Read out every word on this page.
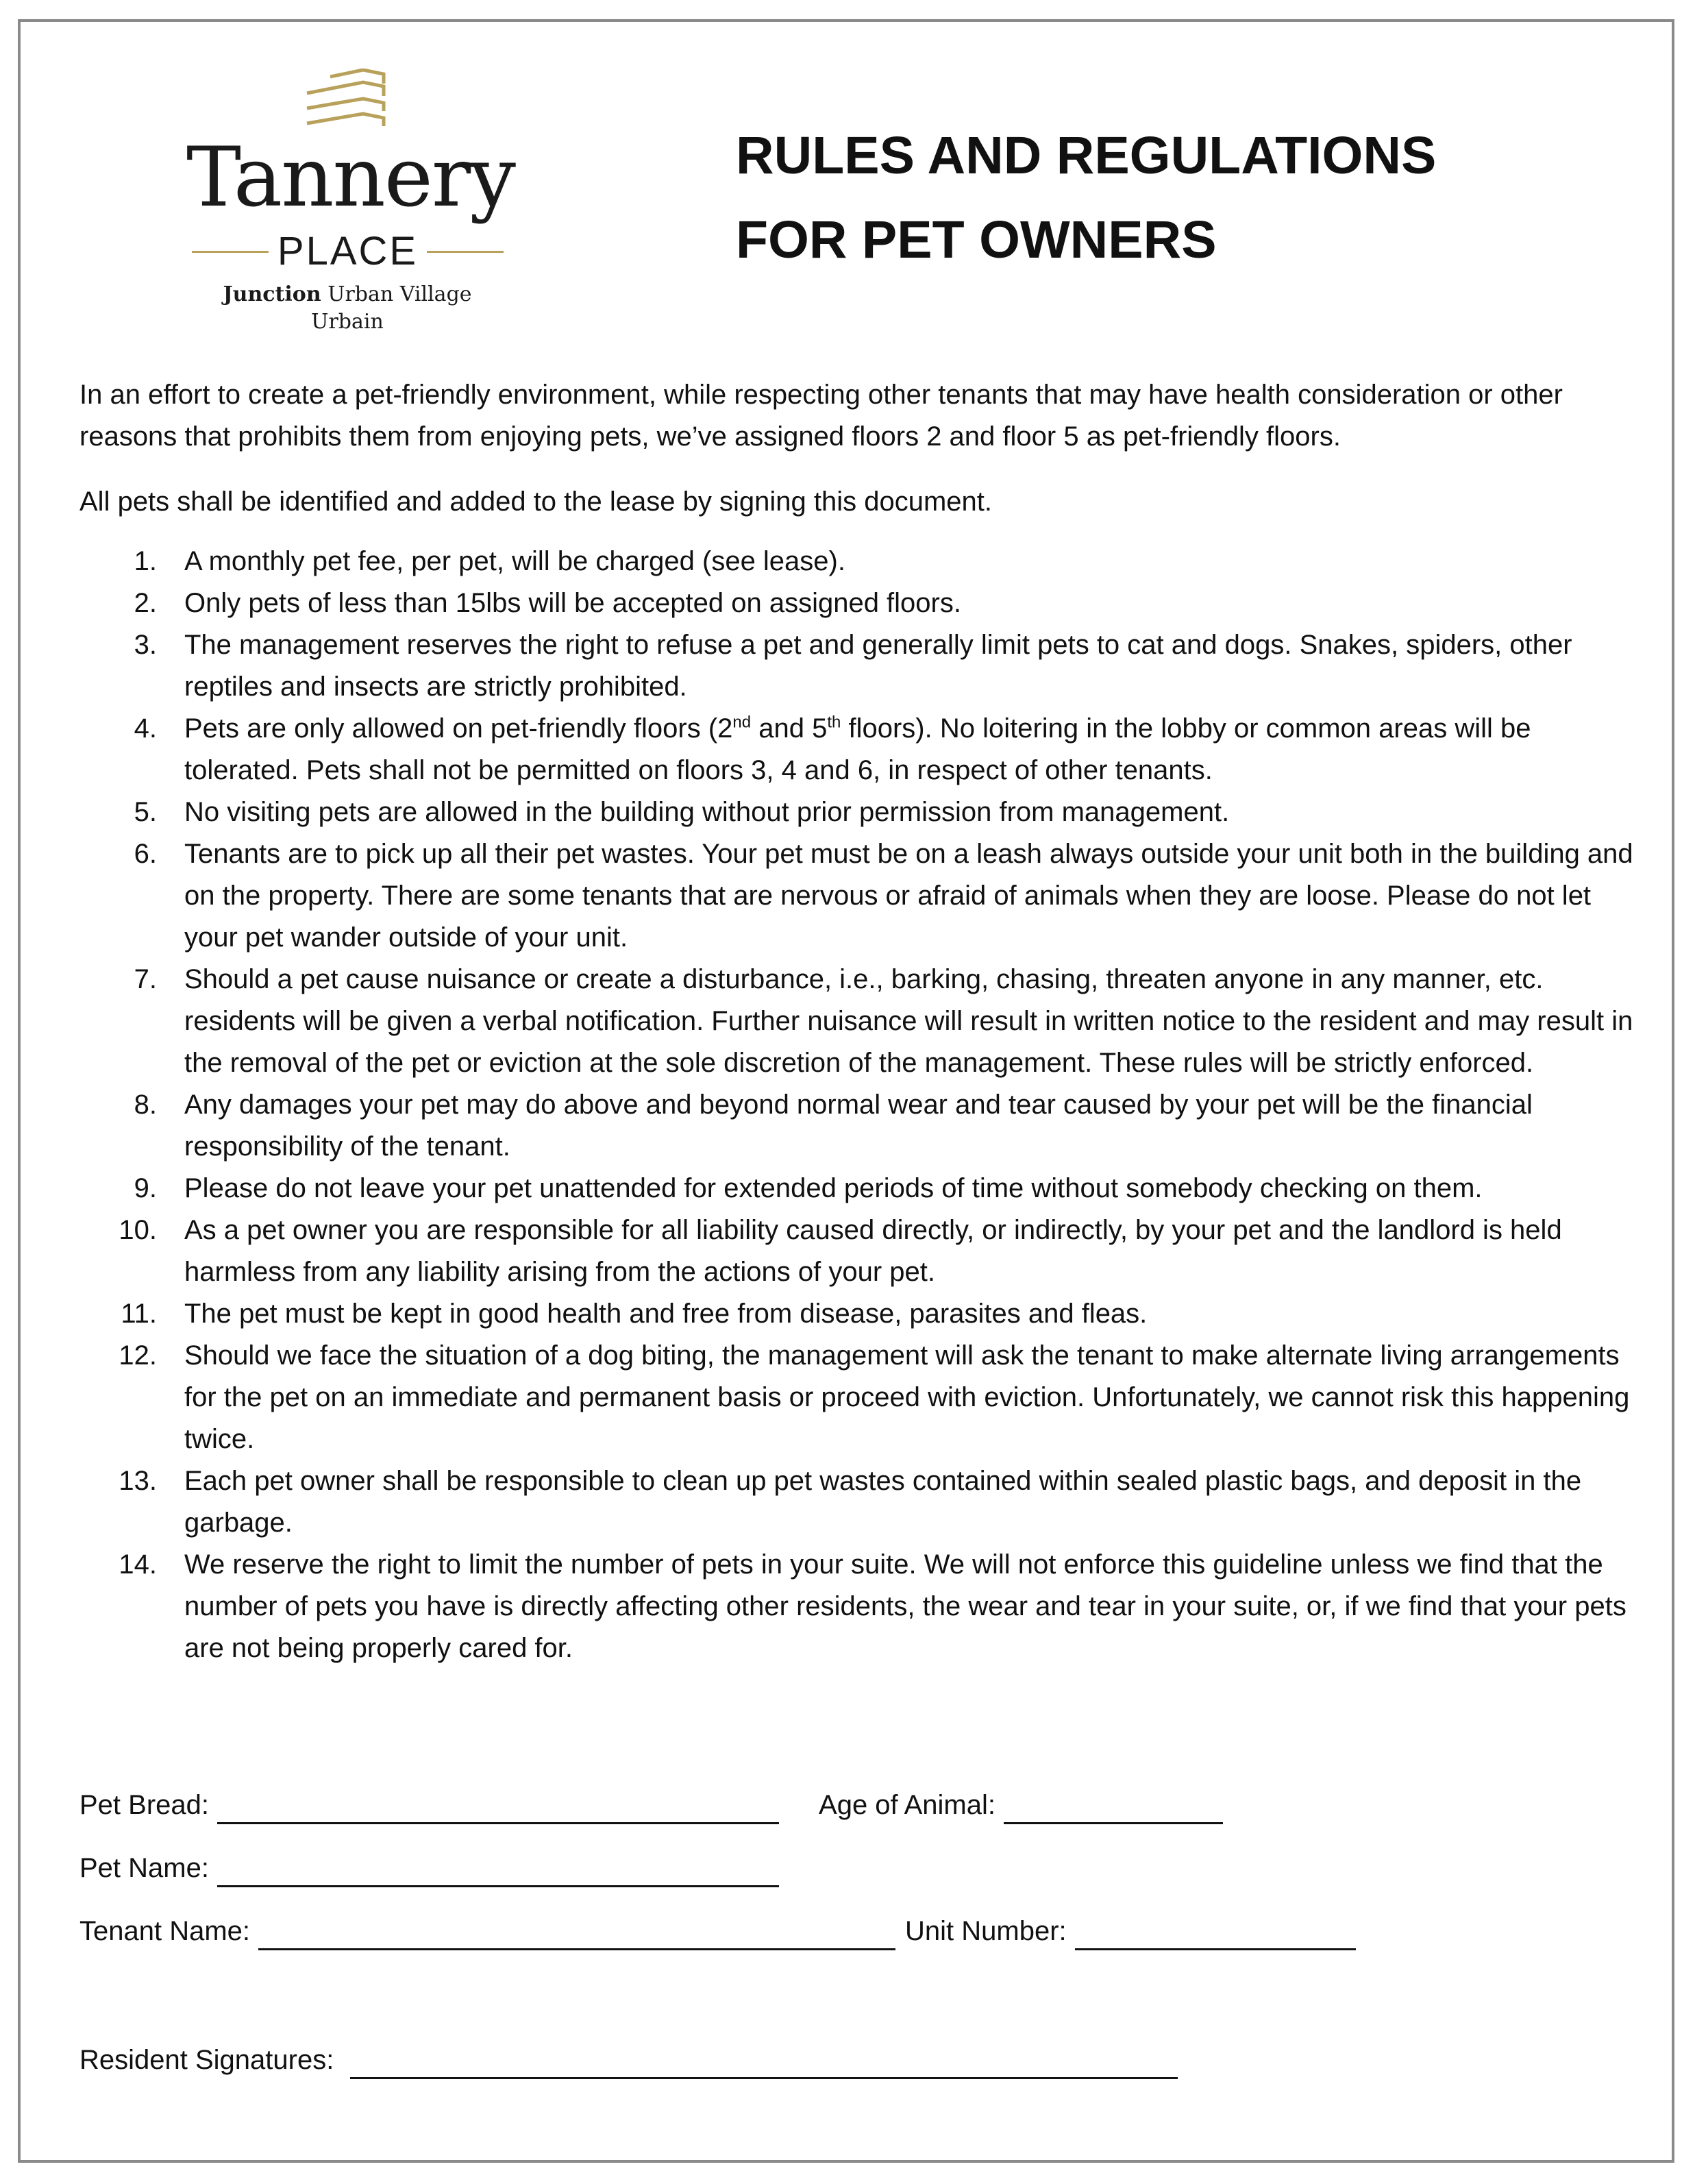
Tannery
PLACE
Junction Urban Village Urbain
RULES AND REGULATIONS
FOR PET OWNERS

In an effort to create a pet-friendly environment, while respecting other tenants that may have health consideration or other reasons that prohibits them from enjoying pets, we’ve assigned floors 2 and floor 5 as pet-friendly floors.

All pets shall be identified and added to the lease by signing this document.

1. A monthly pet fee, per pet, will be charged (see lease).
2. Only pets of less than 15lbs will be accepted on assigned floors.
3. The management reserves the right to refuse a pet and generally limit pets to cat and dogs. Snakes, spiders, other reptiles and insects are strictly prohibited.
4. Pets are only allowed on pet-friendly floors (2nd and 5th floors). No loitering in the lobby or common areas will be tolerated. Pets shall not be permitted on floors 3, 4 and 6, in respect of other tenants.
5. No visiting pets are allowed in the building without prior permission from management.
6. Tenants are to pick up all their pet wastes. Your pet must be on a leash always outside your unit both in the building and on the property. There are some tenants that are nervous or afraid of animals when they are loose. Please do not let your pet wander outside of your unit.
7. Should a pet cause nuisance or create a disturbance, i.e., barking, chasing, threaten anyone in any manner, etc. residents will be given a verbal notification. Further nuisance will result in written notice to the resident and may result in the removal of the pet or eviction at the sole discretion of the management. These rules will be strictly enforced.
8. Any damages your pet may do above and beyond normal wear and tear caused by your pet will be the financial responsibility of the tenant.
9. Please do not leave your pet unattended for extended periods of time without somebody checking on them.
10. As a pet owner you are responsible for all liability caused directly, or indirectly, by your pet and the landlord is held harmless from any liability arising from the actions of your pet.
11. The pet must be kept in good health and free from disease, parasites and fleas.
12. Should we face the situation of a dog biting, the management will ask the tenant to make alternate living arrangements for the pet on an immediate and permanent basis or proceed with eviction. Unfortunately, we cannot risk this happening twice.
13. Each pet owner shall be responsible to clean up pet wastes contained within sealed plastic bags, and deposit in the garbage.
14. We reserve the right to limit the number of pets in your suite. We will not enforce this guideline unless we find that the number of pets you have is directly affecting other residents, the wear and tear in your suite, or, if we find that your pets are not being properly cared for.
Pet Bread:	Age of Animal:
Pet Name:
Tenant Name:	Unit Number:
Resident Signatures:
